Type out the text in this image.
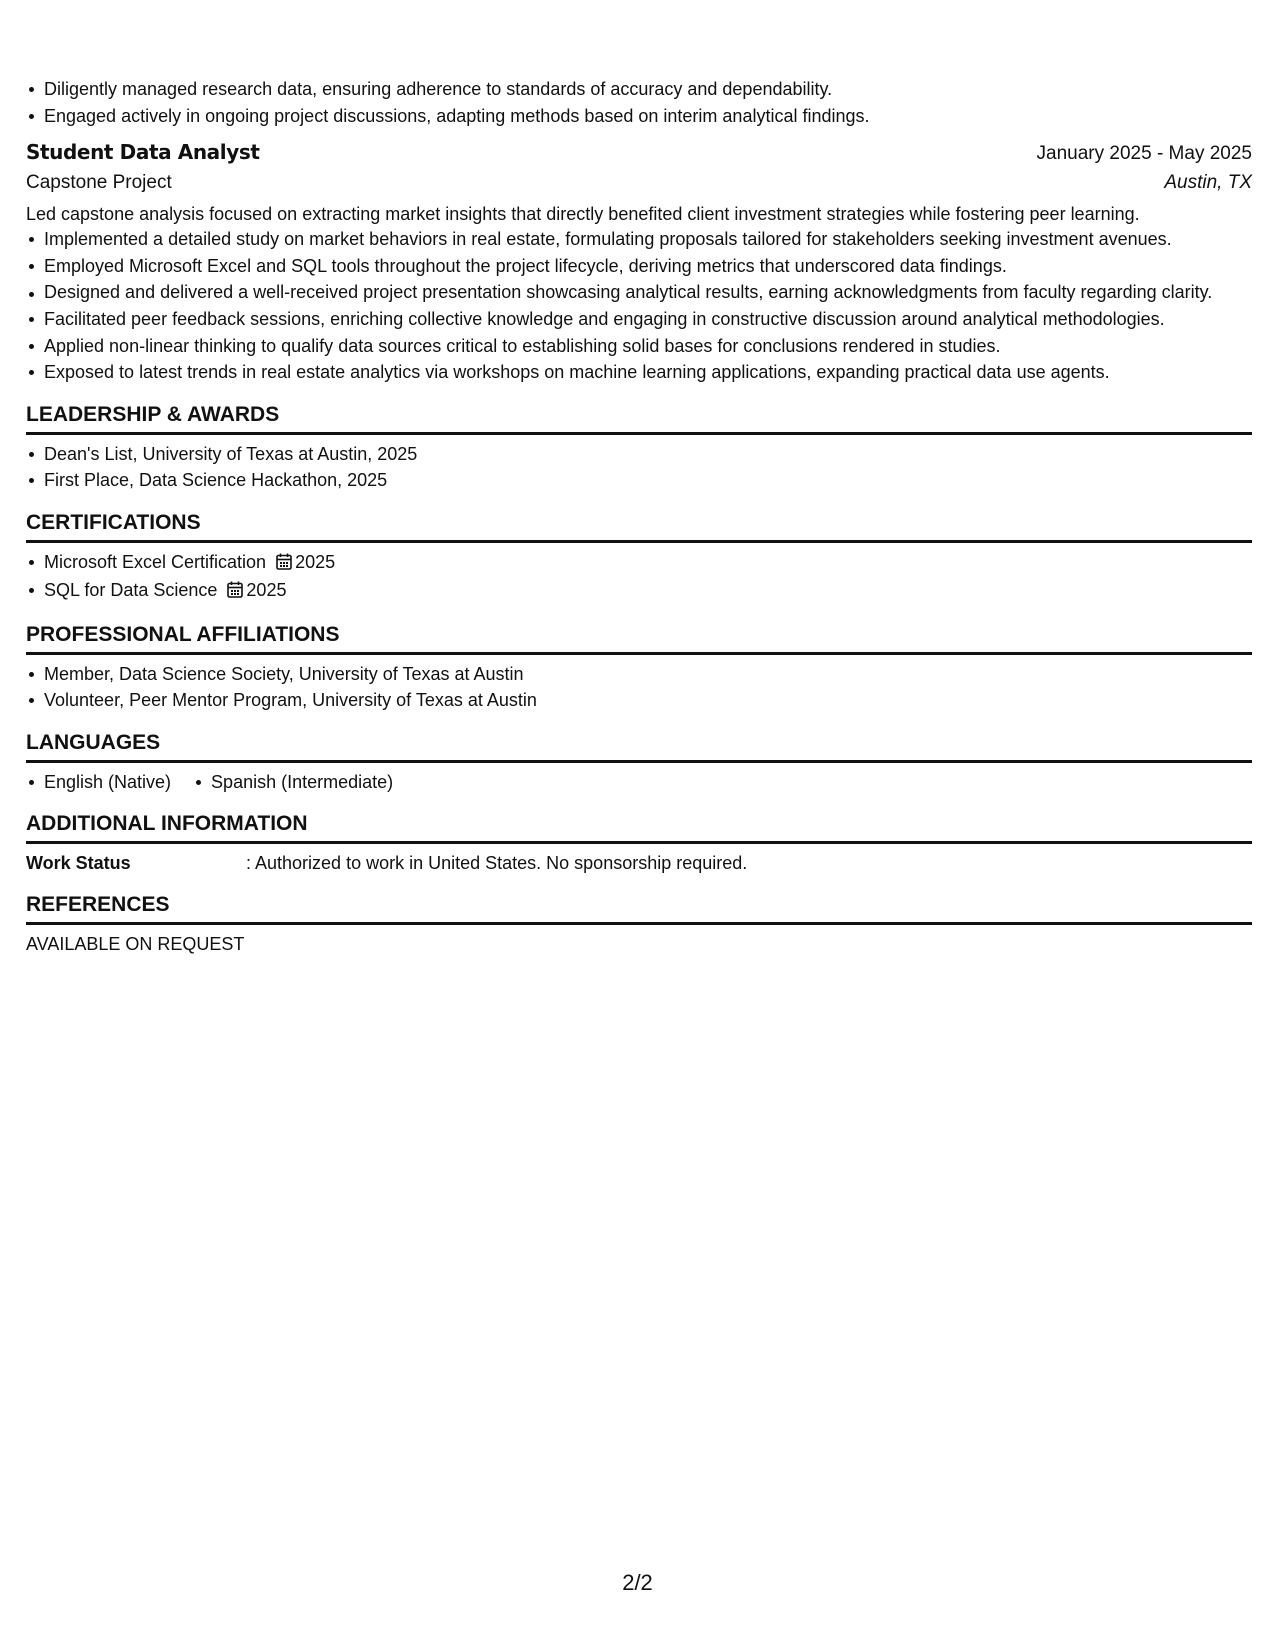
Diligently managed research data, ensuring adherence to standards of accuracy and dependability.
Engaged actively in ongoing project discussions, adapting methods based on interim analytical findings.
Student Data Analyst	January 2025 - May 2025
Capstone Project	Austin, TX
Led capstone analysis focused on extracting market insights that directly benefited client investment strategies while fostering peer learning.
Implemented a detailed study on market behaviors in real estate, formulating proposals tailored for stakeholders seeking investment avenues.
Employed Microsoft Excel and SQL tools throughout the project lifecycle, deriving metrics that underscored data findings.
Designed and delivered a well-received project presentation showcasing analytical results, earning acknowledgments from faculty regarding clarity.
Facilitated peer feedback sessions, enriching collective knowledge and engaging in constructive discussion around analytical methodologies.
Applied non-linear thinking to qualify data sources critical to establishing solid bases for conclusions rendered in studies.
Exposed to latest trends in real estate analytics via workshops on machine learning applications, expanding practical data use agents.
LEADERSHIP & AWARDS
Dean's List, University of Texas at Austin, 2025
First Place, Data Science Hackathon, 2025
CERTIFICATIONS
Microsoft Excel Certification 2025
SQL for Data Science 2025
PROFESSIONAL AFFILIATIONS
Member, Data Science Society, University of Texas at Austin
Volunteer, Peer Mentor Program, University of Texas at Austin
LANGUAGES
English (Native) Spanish (Intermediate)
ADDITIONAL INFORMATION
Work Status	: Authorized to work in United States. No sponsorship required.
REFERENCES
AVAILABLE ON REQUEST
2/2
